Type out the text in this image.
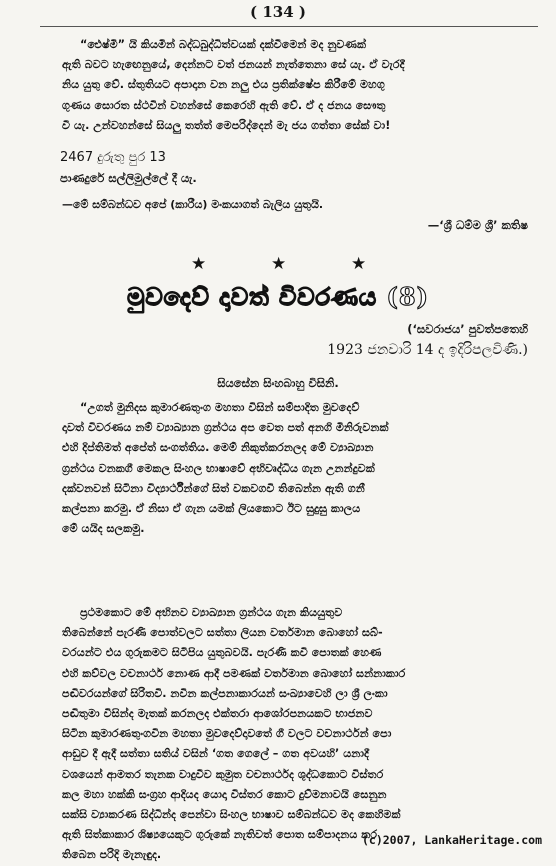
( 134 )
“ඓෂ්මි” යි කියමින් බද්ධබුද්ධිත්වයක් දක්වීමෙන් මද නුවණක්
ඇති බවට හැඟෙනුයේ, දෙන්නට වත් ජනයන් නැත්තෙනා සේ යැ. ඒ වැරදී
නිය යුතු වේ. ස්තුතියට අපාදාන වන නලු එය ප්‍රතික්ෂේප කිරීමේ මහගු
ගුණය සොරත ස්ථවීන් වහන්සේ කෙරෙහි ඇති වේ. ඒ ද ජනය සෞතු
වී යැ. උන්වහන්සේ සියලු තත්ත් මෙපරිද්දෙන් මැ ජය ගත්තා සේක් වා!
2467 දුරුතු පුර 13
පාණදුරේ සල්ලිමුල්ලේ දී යැ.
—මේ සම්බන්ධව අපේ (කාරීය) මංකයාගත් බැලිය යුතුයි.
—‘ශ්‍රී ධම්ම ශ්‍රී’ කතිෂ
★	★	★
මුවදෙව් දාවත් විවරණය (8)
(‘සවරාජය’ පුවත්පතෙහි
1923 ජනවාරි 14 ද ඉදිරිපලවිණි.)
සියසේන සිංහබාහු විසිනි.
“උගත් මුනිදස කුමාරණතුංග මහතා විසින් සම්පාදිත මුවදෙව්
දාවත් විවරණය නම් ව්‍යාඛ්‍යාන ග්‍රන්ථය අප වෙත පත් අනගි මිනිරුවනක්
එහි දිප්තිමත් අපේත් සංගත්තිය. මෙම් නිකුත්කරනලද මේ ව්‍යාඛ්‍යාන
ග්‍රන්ථය ව‍නකගී මෙකල සිංහල භාෂාවේ අභිවෘද්ධිය ගැන උනන්දුවක්
දක්වනවන් සිටිනා විද්‍යාර්ථීන්ගේ සිත් වකවගවී තිබෙන්න ඇති ගනී
කල්පනා කරමු. ඒ නිසා ඒ ගැන යමක් ලියකොට ඊට සුදුසු කාලය
මේ යයිද සලකමු.
ප්‍රථමකොට මේ අභිනව ව්‍යාඛ්‍යාන ග්‍රන්ථය ගැන කියයුතුව
තිබෙන්නේ පැරණි පොත්වලට සත්තා ලියන වර්තමාන බොහෝ සබ්-
වරයන්ට එය ගුරුකමට සිටිපිය යුතුබවයි. පැරණි කවි පොතක් හෙණ
එහි කව්වල වචනාර්ථ නොණ ආදී පමණක් වර්තමාන බොහෝ සන්නාකාර
පඬිවරයන්ගේ සිරිතවී. නවීන කල්පනාකාරයන් සංඛ්‍යාවෙහි ලා ශ්‍රී ලංකා
පඬිතුමා විසින්ද මැතක් කරනලද එක්තරා ආශෝරපනයකට භාජනව
සිටින කුමාරණතුංගවින මහතා මුවදෙව්දාවතේ ගී වලට වචනාර්ථන් පො
ආඩුව දී ඇදී සත්තා සතිය් වසින් ‘ගත ගෙලේ – ගත අවය‍හි’ යනාදී
වශයෙන් ආමතර තැනක වාදුවීව කුමුත වචනාර්ථද ශුද්ධකොට විස්තර
කල මහා හක්කි සංග්‍රහ ආදියද යොදා විස්තර කොට දුව්මනාවයි සෙනුන
සක්සි ව්‍යාකරණ සිද්ධීන්ද පෙන්වා සිංහල භාෂාව සම්බන්ධව මද කෙහිමක්
ඇති සිත්කාකාර ශිෂ්‍යයෙකුට ගුරුකේ නැතිවත් පොත සම්පාදනය කර
තිබෙන පරිදි මැනැඳුද.
(c)2007, LankaHeritage.com
